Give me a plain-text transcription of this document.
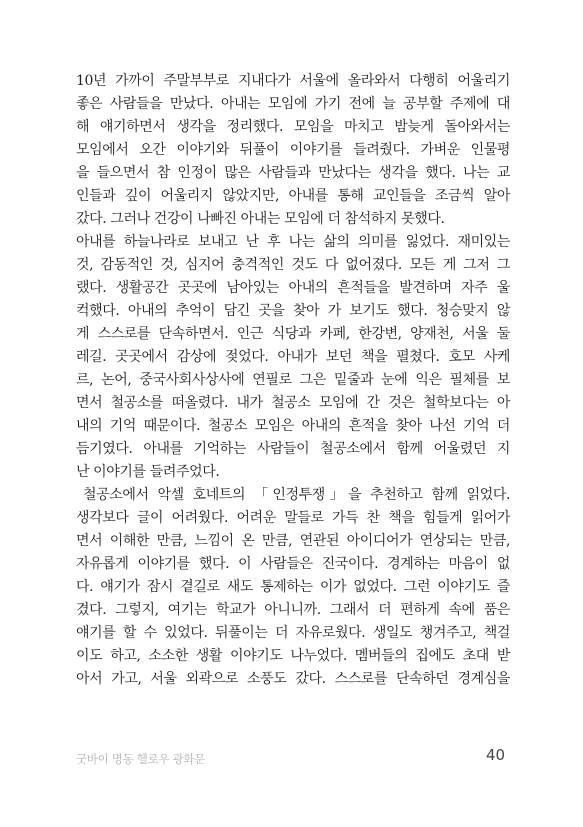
10년 가까이 주말부부로 지내다가 서울에 올라와서 다행히 어울리기
좋은 사람들을 만났다. 아내는 모임에 가기 전에 늘 공부할 주제에 대
해 얘기하면서 생각을 정리했다. 모임을 마치고 밤늦게 돌아와서는
모임에서 오간 이야기와 뒤풀이 이야기를 들려줬다. 가벼운 인물평
을 들으면서 참 인정이 많은 사람들과 만났다는 생각을 했다. 나는 교
인들과 깊이 어울리지 않았지만, 아내를 통해 교인들을 조금씩 알아
갔다. 그러나 건강이 나빠진 아내는 모임에 더 참석하지 못했다.
아내를 하늘나라로 보내고 난 후 나는 삶의 의미를 잃었다. 재미있는
것, 감동적인 것, 심지어 충격적인 것도 다 없어졌다. 모든 게 그저 그
랬다. 생활공간 곳곳에 남아있는 아내의 흔적들을 발견하며 자주 울
컥했다. 아내의 추억이 담긴 곳을 찾아 가 보기도 했다. 청승맞지 않
게 스스로를 단속하면서. 인근 식당과 카페, 한강변, 양재천, 서울 둘
레길. 곳곳에서 감상에 젖었다. 아내가 보던 책을 펼쳤다. 호모 사케
르, 논어, 중국사회사상사에 연필로 그은 밑줄과 눈에 익은 필체를 보
면서 철공소를 떠올렸다. 내가 철공소 모임에 간 것은 철학보다는 아
내의 기억 때문이다. 철공소 모임은 아내의 흔적을 찾아 나선 기억 더
듬기였다. 아내를 기억하는 사람들이 철공소에서 함께 어울렸던 지
난 이야기를 들려주었다.
철공소에서 악셀 호네트의 「인정투쟁」을 추천하고 함께 읽었다.
생각보다 글이 어려웠다. 어려운 말들로 가득 찬 책을 힘들게 읽어가
면서 이해한 만큼, 느낌이 온 만큼, 연관된 아이디어가 연상되는 만큼,
자유롭게 이야기를 했다. 이 사람들은 진국이다. 경계하는 마음이 없
다. 얘기가 잠시 곁길로 새도 통제하는 이가 없었다. 그런 이야기도 즐
겼다. 그렇지, 여기는 학교가 아니니까. 그래서 더 편하게 속에 품은
얘기를 할 수 있었다. 뒤풀이는 더 자유로웠다. 생일도 챙겨주고, 책걸
이도 하고, 소소한 생활 이야기도 나누었다. 멤버들의 집에도 초대 받
아서 가고, 서울 외곽으로 소풍도 갔다. 스스로를 단속하던 경계심을
굿바이 명동 헬로우 광화문	40
